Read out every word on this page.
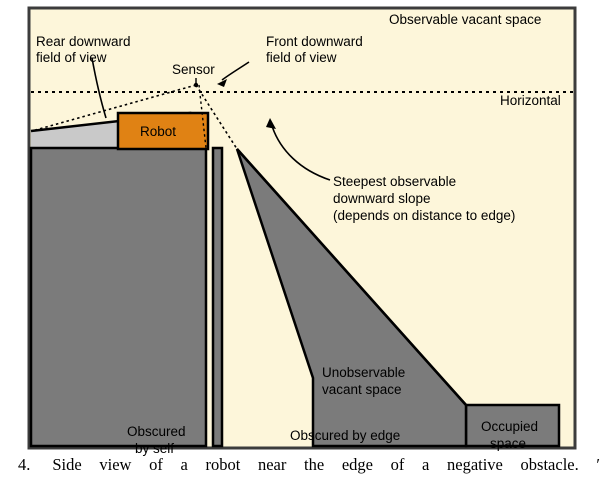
Observable vacant space
Rear downward
field of view
Sensor
Front downward
field of view
Horizontal
Robot
Steepest observable
downward slope
(depends on distance to edge)
Unobservable
vacant space
Obscured
by self
Obscured by edge
Occupied
space
4.	Side view of a robot near the edge of a negative obstacle. ʹ
